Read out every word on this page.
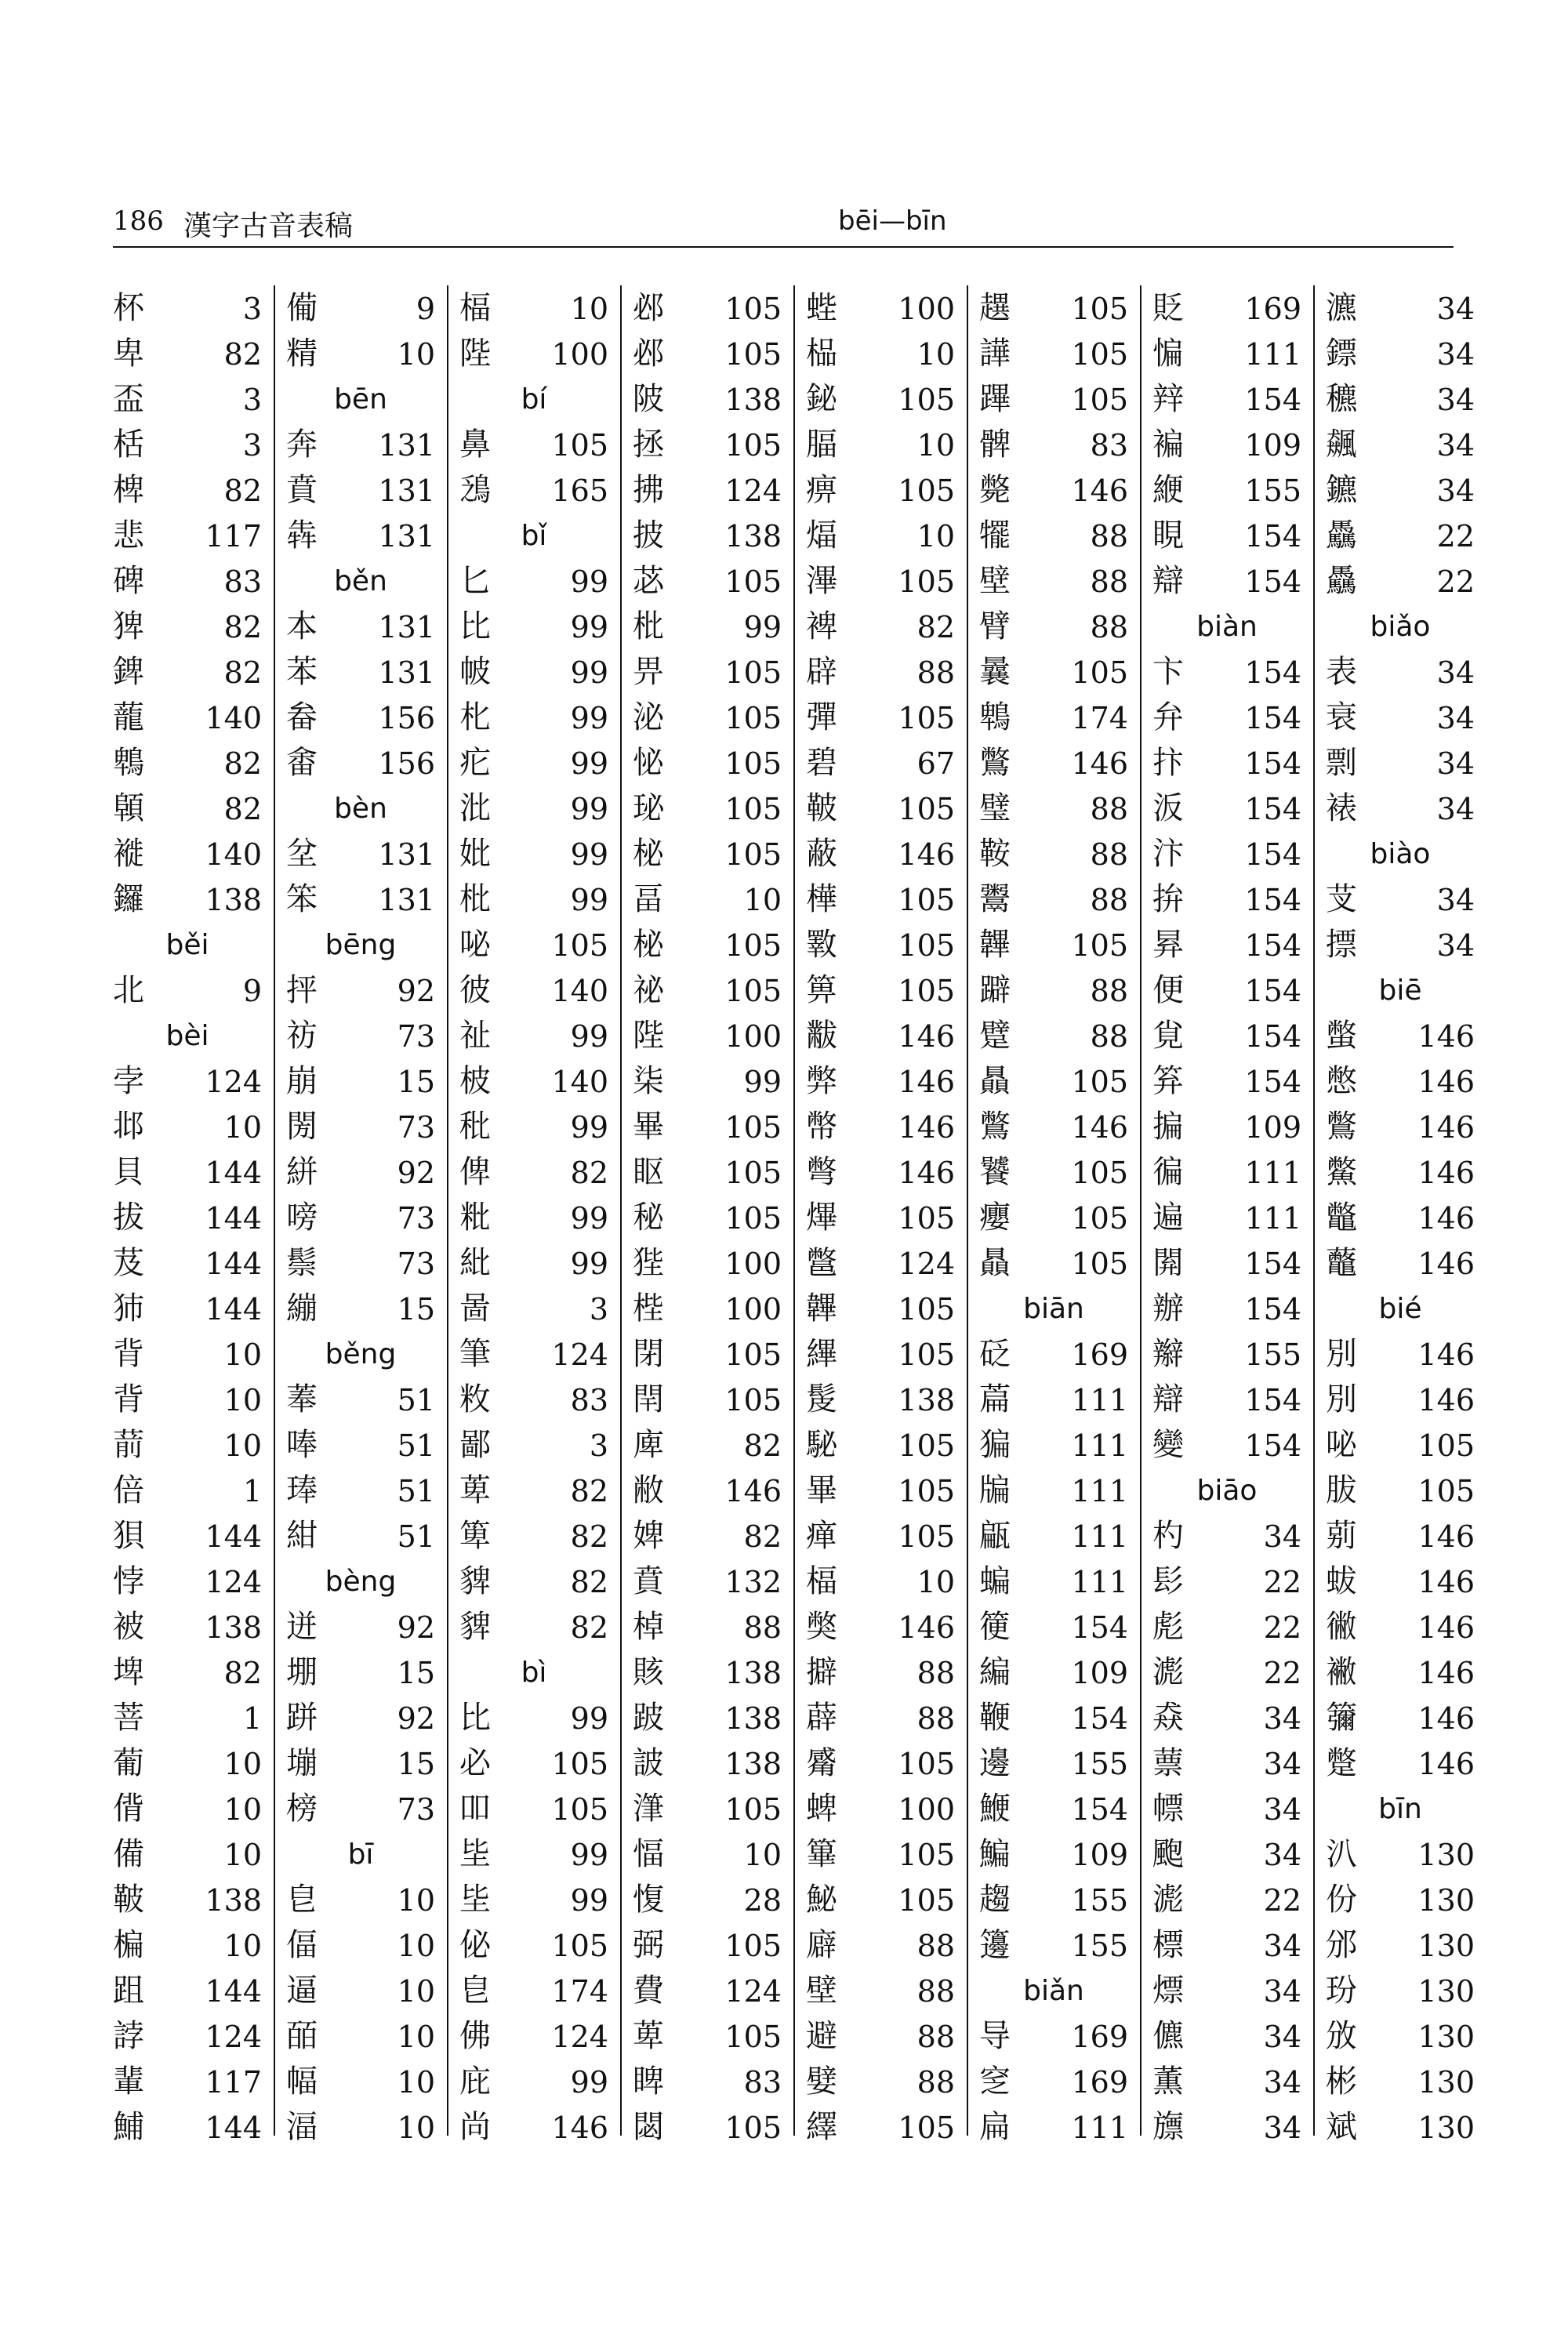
186 漢字古音表稿	bēi—bīn
杯	3
卑	82
盃	3
栝	3
椑	82
悲 117
碑	83
猈	82
錍	82
蘢 140
鵯	82
顊	82
褷 140
鑼 138
běi
北	9
bèi
孛 124
邶	10
貝 144
拔 144
芨 144
犻 144
背	10
背	10
葥	10
倍	1
狽 144
悖 124
被 138
埤	82
菩	1
葡	10
偝	10
備	10
鞁 138
楄	10
跙 144
誖 124
輩 117
鯆 144
僃	9
精	10
bēn
奔 131
賁 131
犇 131
běn
本 131
苯 131
畚 156
畬 156
bèn
坌 131
笨 131
bēng
抨	92
祊	73
崩	15
閍	73
絣	92
嗙	73
鬃	73
繃	15
běng
菶	51
唪	51
琫	51
紺	51
bèng
迸	92
堋	15
跰	92
塴	15
榜	73
bī
皀	10
偪	10
逼	10
皕	10
幅	10
湢	10
楅	10
陛 100
bí
鼻 105
鴔 165
bǐ
匕	99
比	99
帔	99
朼	99
疕	99
沘	99
妣	99
枇	99
咇 105
彼 140
祉	99
柀 140
秕	99
俾	82
粃	99
紕	99
啚	3
筆 124
敉	83
鄙	3
萆	82
箄	82
貏	82
貏	82
bì
比	99
必 105
吅 105
坒	99
坒	99
佖 105
皀 174
佛 124
庇	99
尚 146
邲 105
邲 105
陂 138
拯 105
拂 124
披 138
苾 105
枇	99
畀 105
泌 105
怭 105
珌 105
柲 105
畐	10
柲 105
祕 105
陛 100
柒	99
畢 105
眍 105
秘 105
狴 100
梐 100
閉 105
閈 105
庳	82
敝 146
婢	82
賁 132
棹	88
賅 138
跛 138
詖 138
潷 105
愊	10
愎	28
弼 105
費 124
萆 105
睥	83
閟 105
蜌 100
榀	10
鉍 105
腷	10
痹 105
煏	10
滭 105
裨	82
辟	88
彈 105
碧	67
鞁 105
蔽 146
樺 105
斁 105
箅 105
黻 146
弊 146
幣 146
彆 146
熚 105
鄨 124
韠 105
縪 105
髲 138
駜 105
畢 105
瘅 105
楅	10
獘 146
擗	88
薜	88
觱 105
蜱 100
篳 105
鮅 105
廦	88
壁	88
避	88
嬖	88
繹 105
趩 105
譁 105
蹕 105
髀	83
斃 146
犤	88
壁	88
臂	88
曩 105
鵯 174
鷩 146
璧	88
鞍	88
鬻	88
韠 105
躃	88
躄	88
贔 105
鷩 146
饕 105
癭 105
贔 105
biān
砭 169
萹 111
猵 111
牑 111
甂 111
蝙 111
箯 154
編 109
鞭 154
邊 155
鯾 154
鯿 109
趨 155
籩 155
biǎn
导 169
窆 169
扁 111
貶 169
惼 111
辡 154
褊 109
緶 155
睍 154
辯 154
biàn
卞 154
弁 154
抃 154
汳 154
汴 154
拚 154
昪 154
便 154
覍 154
笲 154
揙 109
徧 111
遍 111
閞 154
辦 154
辮 155
辯 154
變 154
biāo
杓	34
髟	22
彪	22
滮	22
猋	34
蔈	34
幖	34
颮	34
滮	22
標	34
熛	34
儦	34
薫	34
旚	34
瀌	34
鏢	34
穮	34
飆	34
鑣	34
驫	22
驫	22
biǎo
表	34
衰	34
剽	34
裱	34
biào
芆	34
摽	34
biē
蟞 146
憋 146
鷩 146
鱉 146
鼈 146
虌 146
bié
別 146
別 146
咇 105
胈 105
莂 146
蛂 146
徶 146
襒 146
䉲 146
蹩 146
bīn
汃 130
份 130
邠 130
玢 130
攽 130
彬 130
斌 130
